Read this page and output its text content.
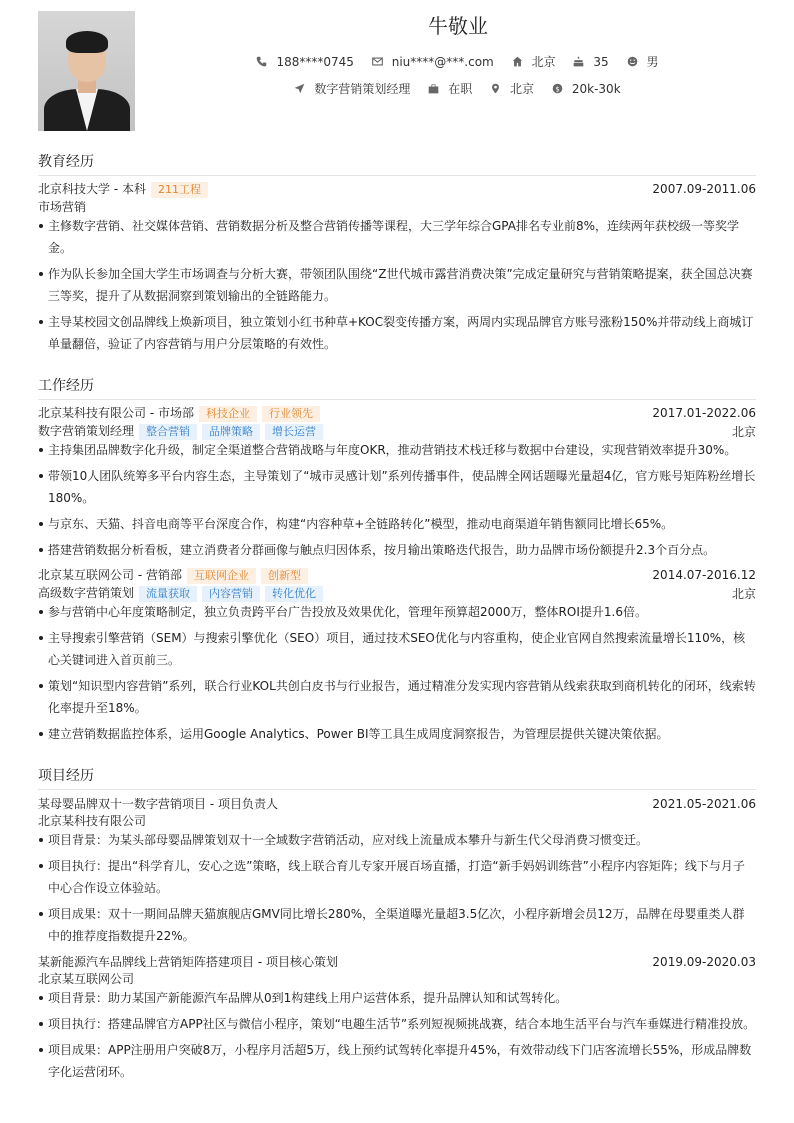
牛敬业
188****0745
	niu****@***.com
	北京
	35
	男
数字营销策划经理
	在职
	北京
$ 20k-30k
教育经历
北京科技大学 - 本科 211工程	2007.09-2011.06
市场营销
主修数字营销、社交媒体营销、营销数据分析及整合营销传播等课程，大三学年综合GPA排名专业前8%，连续两年获校级一等奖学金。
作为队长参加全国大学生市场调查与分析大赛，带领团队围绕“Z世代城市露营消费决策”完成定量研究与营销策略提案，获全国总决赛三等奖，提升了从数据洞察到策划输出的全链路能力。
主导某校园文创品牌线上焕新项目，独立策划小红书种草+KOC裂变传播方案，两周内实现品牌官方账号涨粉150%并带动线上商城订单量翻倍，验证了内容营销与用户分层策略的有效性。
工作经历
北京某科技有限公司 - 市场部 科技企业 行业领先	2017.01-2022.06
数字营销策划经理 整合营销 品牌策略 增长运营	北京
主持集团品牌数字化升级，制定全渠道整合营销战略与年度OKR，推动营销技术栈迁移与数据中台建设，实现营销效率提升30%。
带领10人团队统筹多平台内容生态，主导策划了“城市灵感计划”系列传播事件，使品牌全网话题曝光量超4亿，官方账号矩阵粉丝增长180%。
与京东、天猫、抖音电商等平台深度合作，构建“内容种草+全链路转化”模型，推动电商渠道年销售额同比增长65%。
搭建营销数据分析看板，建立消费者分群画像与触点归因体系，按月输出策略迭代报告，助力品牌市场份额提升2.3个百分点。
北京某互联网公司 - 营销部 互联网企业 创新型	2014.07-2016.12
高级数字营销策划 流量获取 内容营销 转化优化	北京
参与营销中心年度策略制定，独立负责跨平台广告投放及效果优化，管理年预算超2000万，整体ROI提升1.6倍。
主导搜索引擎营销（SEM）与搜索引擎优化（SEO）项目，通过技术SEO优化与内容重构，使企业官网自然搜索流量增长110%，核心关键词进入首页前三。
策划“知识型内容营销”系列，联合行业KOL共创白皮书与行业报告，通过精准分发实现内容营销从线索获取到商机转化的闭环，线索转化率提升至18%。
建立营销数据监控体系，运用Google Analytics、Power BI等工具生成周度洞察报告，为管理层提供关键决策依据。
项目经历
某母婴品牌双十一数字营销项目 - 项目负责人	2021.05-2021.06
北京某科技有限公司
项目背景：为某头部母婴品牌策划双十一全域数字营销活动，应对线上流量成本攀升与新生代父母消费习惯变迁。
项目执行：提出“科学育儿，安心之选”策略，线上联合育儿专家开展百场直播，打造“新手妈妈训练营”小程序内容矩阵；线下与月子中心合作设立体验站。
项目成果：双十一期间品牌天猫旗舰店GMV同比增长280%，全渠道曝光量超3.5亿次，小程序新增会员12万，品牌在母婴重类人群中的推荐度指数提升22%。
某新能源汽车品牌线上营销矩阵搭建项目 - 项目核心策划	2019.09-2020.03
北京某互联网公司
项目背景：助力某国产新能源汽车品牌从0到1构建线上用户运营体系，提升品牌认知和试驾转化。
项目执行：搭建品牌官方APP社区与微信小程序，策划“电趣生活节”系列短视频挑战赛，结合本地生活平台与汽车垂媒进行精准投放。
项目成果：APP注册用户突破8万，小程序月活超5万，线上预约试驾转化率提升45%，有效带动线下门店客流增长55%，形成品牌数字化运营闭环。
